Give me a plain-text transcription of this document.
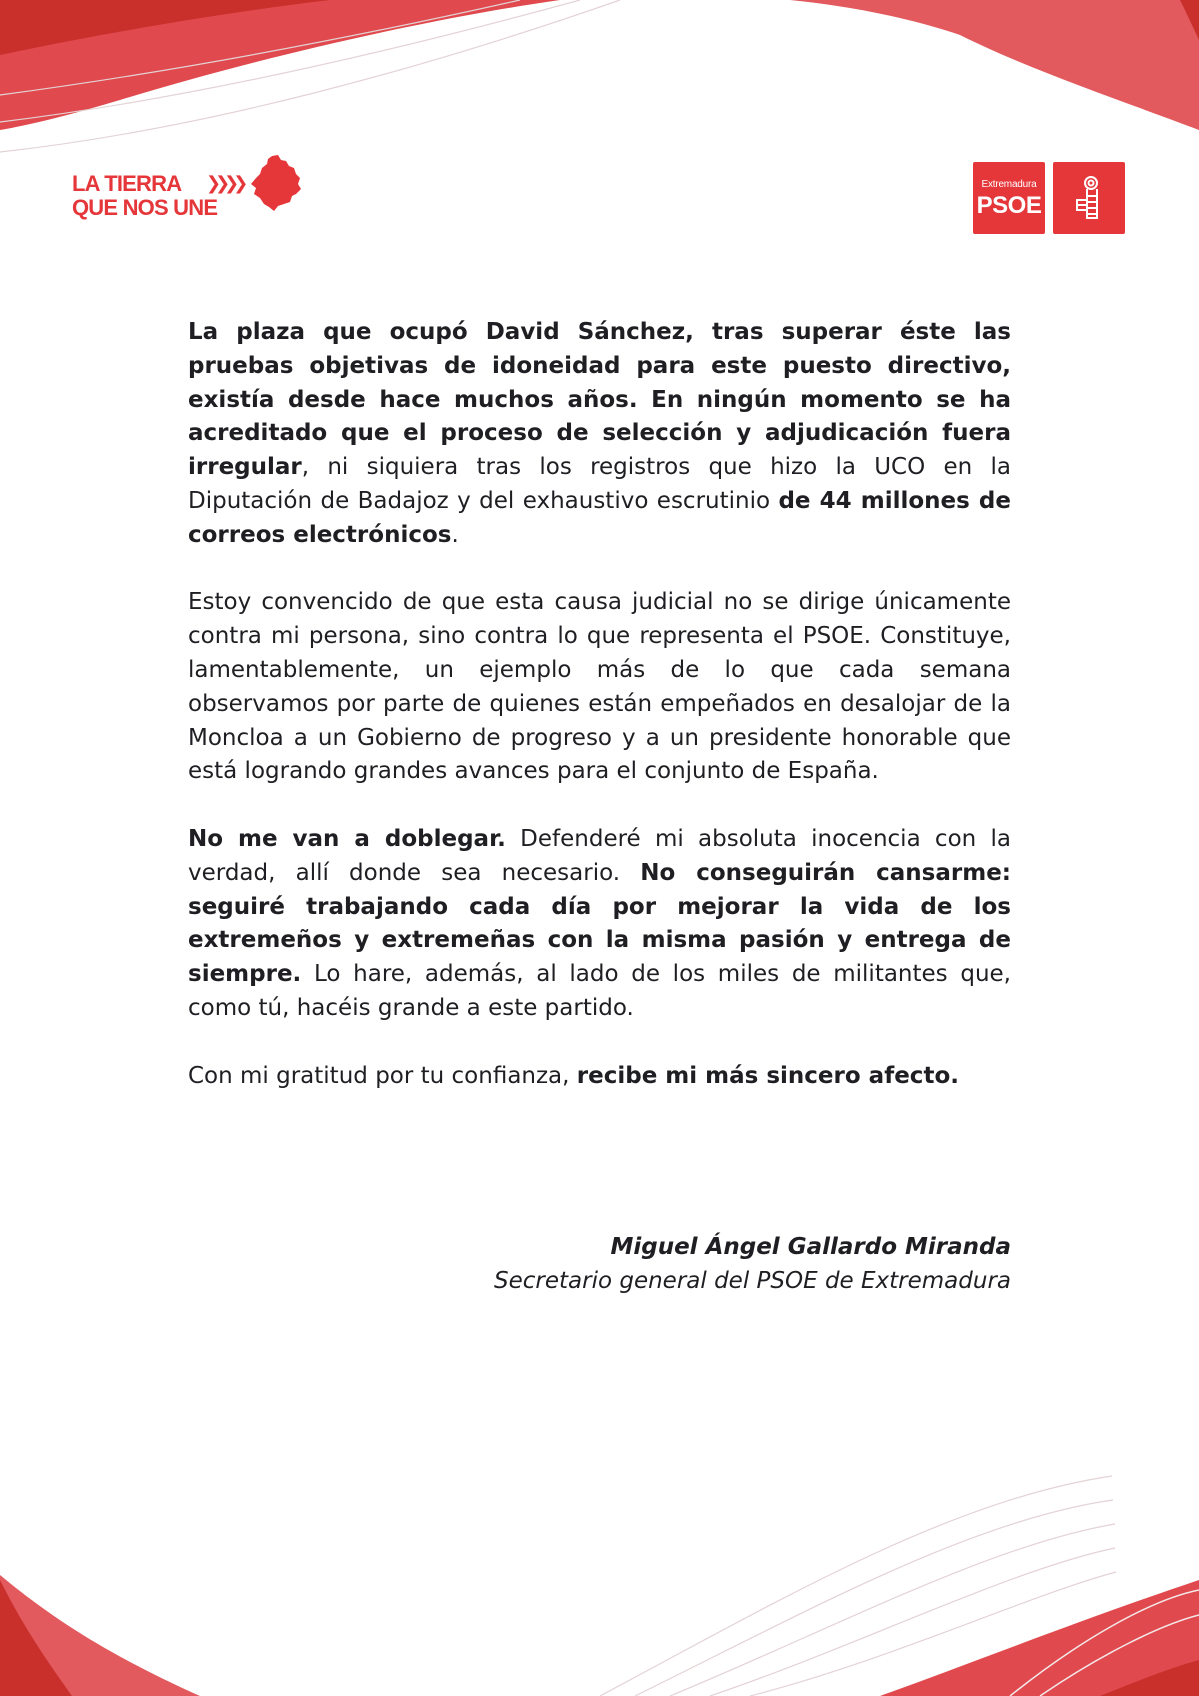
LA TIERRA ❯❯❯❯
QUE NOS UNE
Extremadura
PSOE

La plaza que ocupó David Sánchez, tras superar éste las pruebas objetivas de idoneidad para este puesto directivo, existía desde hace muchos años. En ningún momento se ha acreditado que el proceso de selección y adjudicación fuera irregular, ni siquiera tras los registros que hizo la UCO en la Diputación de Badajoz y del exhaustivo escrutinio de 44 millones de correos electrónicos.

Estoy convencido de que esta causa judicial no se dirige únicamente contra mi persona, sino contra lo que representa el PSOE. Constituye, lamentablemente, un ejemplo más de lo que cada semana observamos por parte de quienes están empeñados en desalojar de la Moncloa a un Gobierno de progreso y a un presidente honorable que está logrando grandes avances para el conjunto de España.

No me van a doblegar. Defenderé mi absoluta inocencia con la verdad, allí donde sea necesario. No conseguirán cansarme: seguiré trabajando cada día por mejorar la vida de los extremeños y extremeñas con la misma pasión y entrega de siempre. Lo hare, además, al lado de los miles de militantes que, como tú, hacéis grande a este partido.

Con mi gratitud por tu confianza, recibe mi más sincero afecto.

Miguel Ángel Gallardo Miranda
Secretario general del PSOE de Extremadura
